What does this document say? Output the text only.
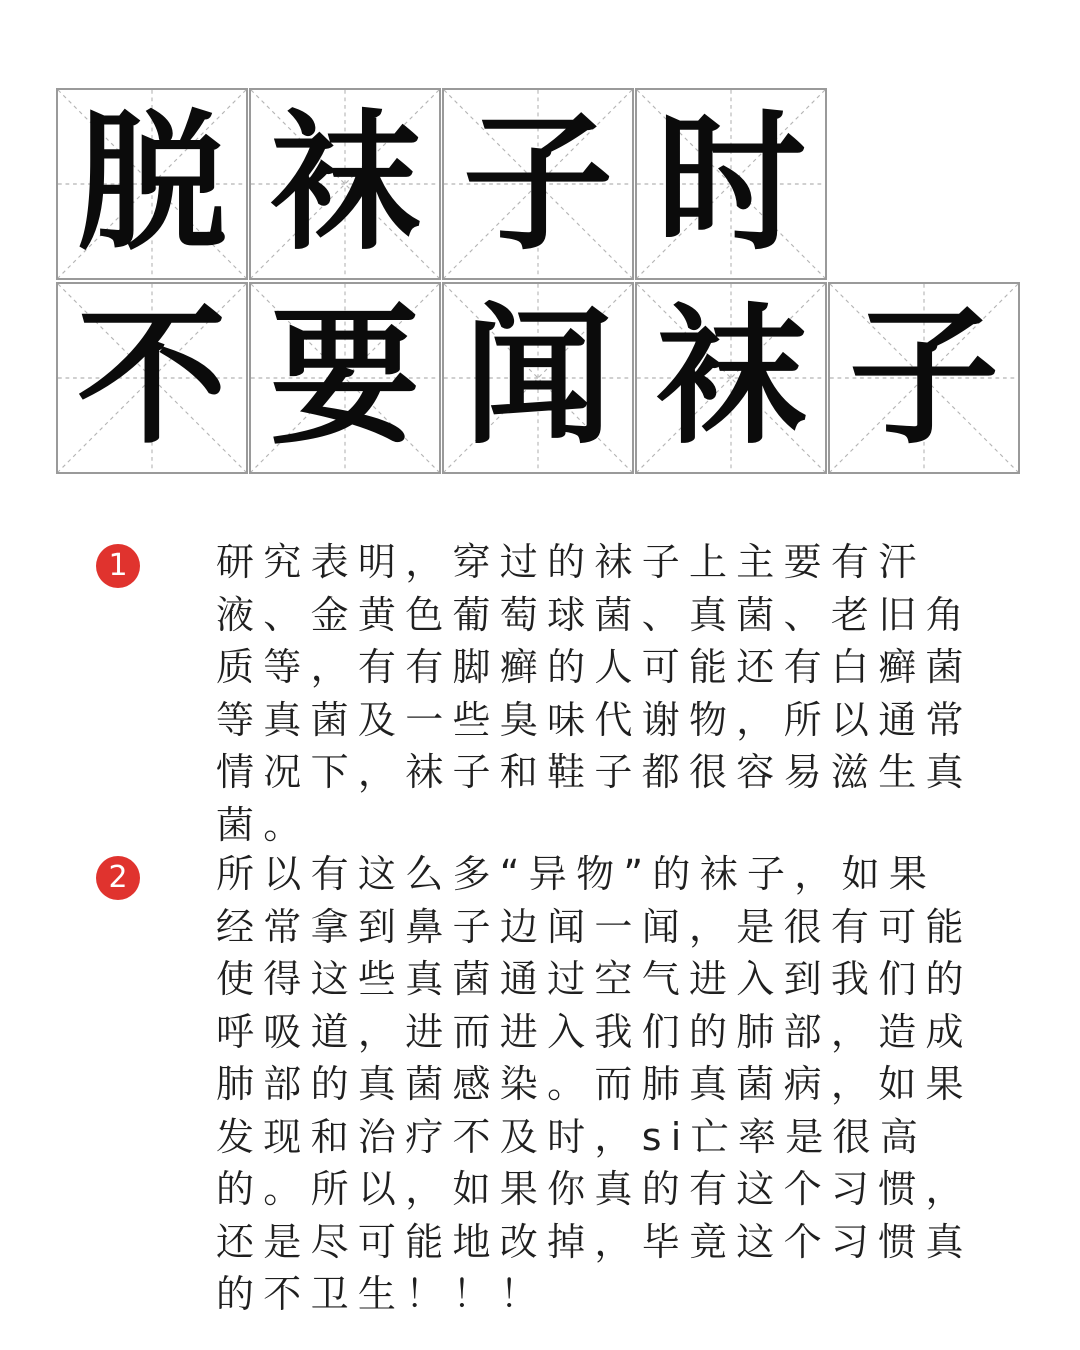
脱 袜 子 时
不 要 闻 袜 子
1	研究表明，穿过的袜子上主要有汗液、金黄色葡萄球菌、真菌、老旧角质等，有有脚癣的人可能还有白癣菌等真菌及一些臭味代谢物，所以通常情况下，袜子和鞋子都很容易滋生真菌。
2	所以有这么多“异物”的袜子，如果经常拿到鼻子边闻一闻，是很有可能使得这些真菌通过空气进入到我们的呼吸道，进而进入我们的肺部，造成肺部的真菌感染。而肺真菌病，如果发现和治疗不及时，si亡率是很高的。所以，如果你真的有这个习惯，还是尽可能地改掉，毕竟这个习惯真的不卫生！！！
